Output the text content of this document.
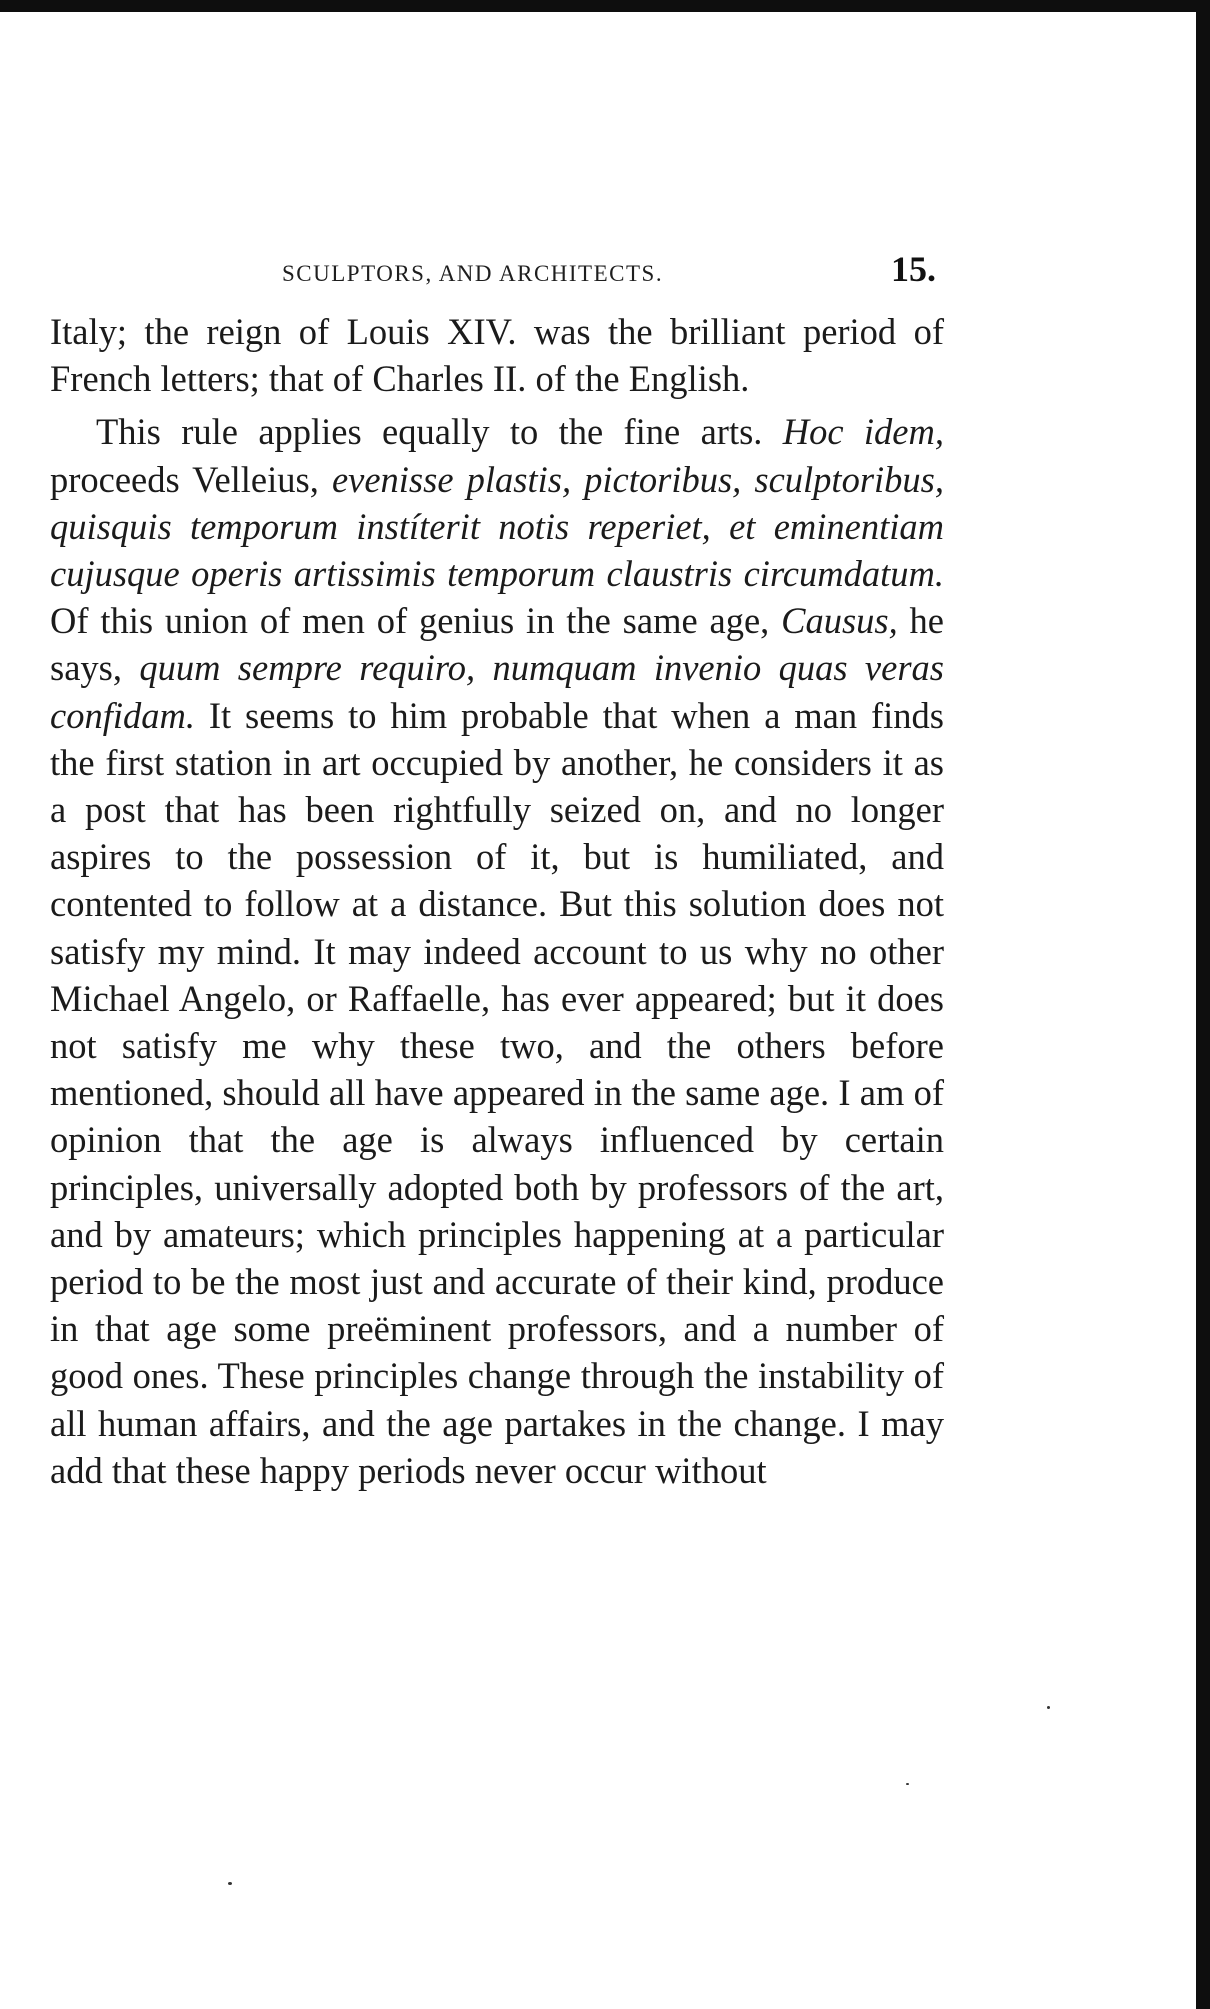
SCULPTORS, AND ARCHITECTS.	15.

Italy; the reign of Louis XIV. was the brilliant period of French letters; that of Charles II. of the English.

This rule applies equally to the fine arts. Hoc idem, proceeds Velleius, evenisse plastis, pictoribus, sculptoribus, quisquis temporum instíterit notis reperiet, et eminentiam cujusque operis artissimis temporum claustris circumdatum. Of this union of men of genius in the same age, Causus, he says, quum sempre requiro, numquam invenio quas veras confidam. It seems to him probable that when a man finds the first station in art occupied by another, he considers it as a post that has been rightfully seized on, and no longer aspires to the possession of it, but is humiliated, and contented to follow at a distance. But this solution does not satisfy my mind. It may indeed account to us why no other Michael Angelo, or Raffaelle, has ever appeared; but it does not satisfy me why these two, and the others before mentioned, should all have appeared in the same age. I am of opinion that the age is always influenced by certain principles, universally adopted both by professors of the art, and by amateurs; which principles happening at a particular period to be the most just and accurate of their kind, produce in that age some preëminent professors, and a number of good ones. These principles change through the instability of all human affairs, and the age partakes in the change. I may add that these happy periods never occur without
